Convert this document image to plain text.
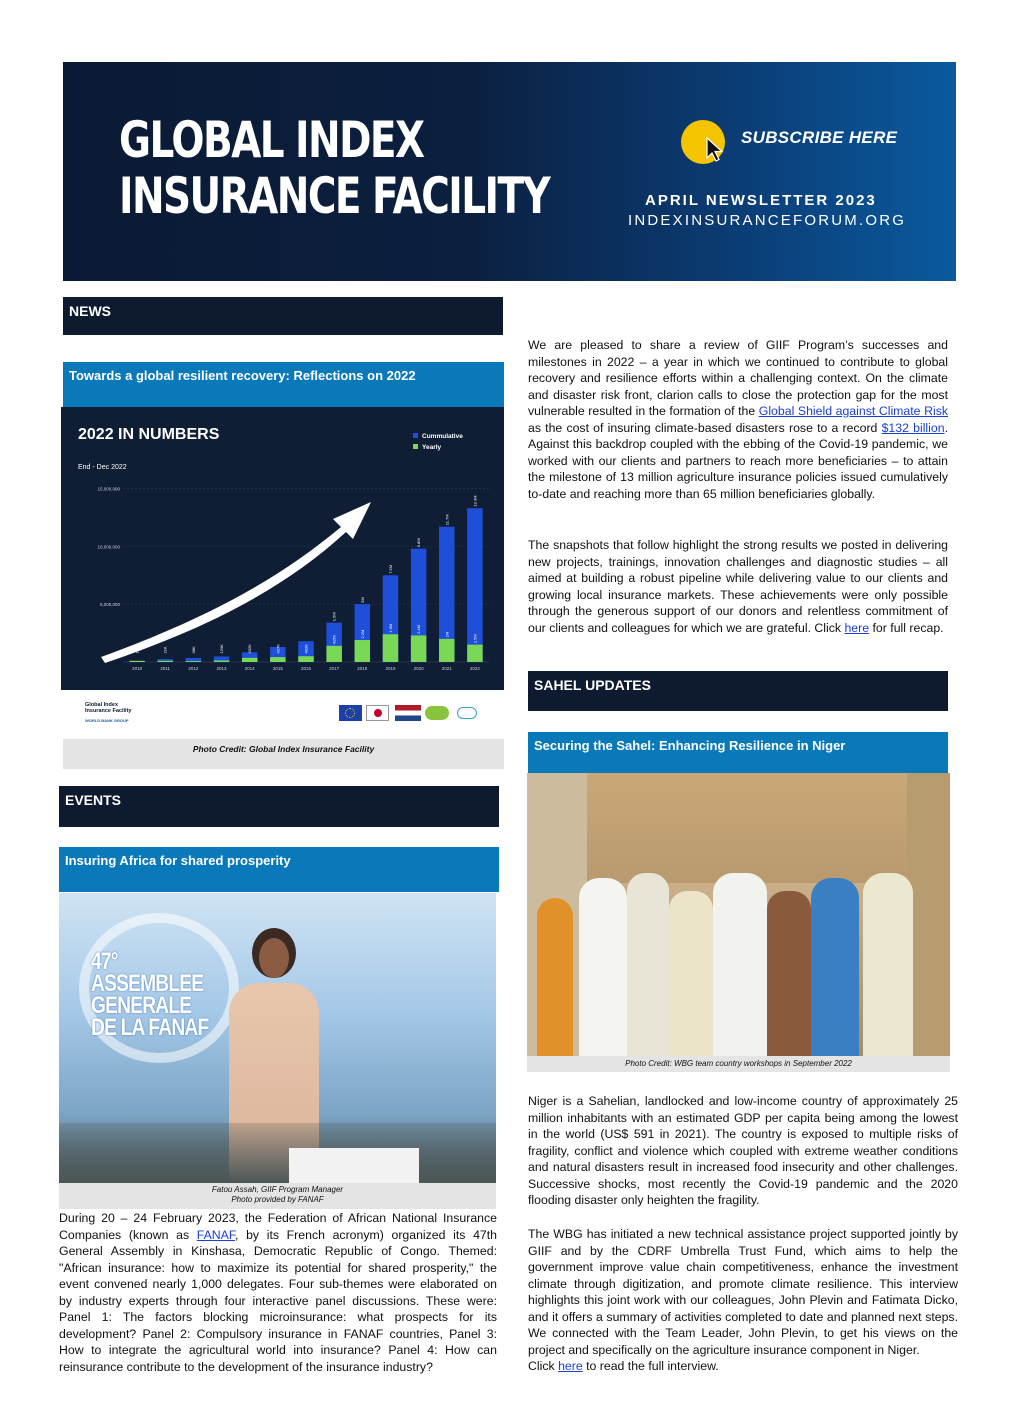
GLOBAL INDEX
INSURANCE FACILITY
SUBSCRIBE HERE
APRIL NEWSLETTER 2023
INDEXINSURANCEFORUM.ORG
NEWS
Towards a global resilient recovery: Reflections on 2022
2022 IN NUMBERS
End - Dec 2022
Cummulative
Yearly
5,000,000
10,000,000
15,000,000
1M	21K	38K	120K	432K	427K	402K
1.5M
415K
5M
2.2M
7.5M
1.6M
9.8M
2.4M
11.7M
2M
13.3M
1.5M
2010	2011	2012	2013	2014	2015	2016	2017	2018	2019	2020	2021	2022
Global Index
Insurance Facility
WORLD BANK GROUP
Photo Credit: Global Index Insurance Facility
We are pleased to share a review of GIIF Program’s successes and milestones in 2022 – a year in which we continued to contribute to global recovery and resilience efforts within a challenging context. On the climate and disaster risk front, clarion calls to close the protection gap for the most vulnerable resulted in the formation of the Global Shield against Climate Risk as the cost of insuring climate-based disasters rose to a record $132 billion. Against this backdrop coupled with the ebbing of the Covid-19 pandemic, we worked with our clients and partners to reach more beneficiaries – to attain the milestone of 13 million agriculture insurance policies issued cumulatively to-date and reaching more than 65 million beneficiaries globally.
The snapshots that follow highlight the strong results we posted in delivering new projects, trainings, innovation challenges and diagnostic studies – all aimed at building a robust pipeline while delivering value to our clients and growing local insurance markets. These achievements were only possible through the generous support of our donors and relentless commitment of our clients and colleagues for which we are grateful. Click here for full recap.
EVENTS
Insuring Africa for shared prosperity
47°
ASSEMBLEE
GENERALE
DE LA FANAF
Fatou Assah, GIIF Program Manager
Photo provided by FANAF
During 20 – 24 February 2023, the Federation of African National Insurance Companies (known as FANAF, by its French acronym) organized its 47th General Assembly in Kinshasa, Democratic Republic of Congo. Themed: "African insurance: how to maximize its potential for shared prosperity," the event convened nearly 1,000 delegates. Four sub-themes were elaborated on by industry experts through four interactive panel discussions. These were: Panel 1: The factors blocking microinsurance: what prospects for its development? Panel 2: Compulsory insurance in FANAF countries, Panel 3: How to integrate the agricultural world into insurance? Panel 4: How can reinsurance contribute to the development of the insurance industry?
SAHEL UPDATES
Securing the Sahel: Enhancing Resilience in Niger
Photo Credit: WBG team country workshops in September 2022
Niger is a Sahelian, landlocked and low-income country of approximately 25 million inhabitants with an estimated GDP per capita being among the lowest in the world (US$ 591 in 2021). The country is exposed to multiple risks of fragility, conflict and violence which coupled with extreme weather conditions and natural disasters result in increased food insecurity and other challenges. Successive shocks, most recently the Covid-19 pandemic and the 2020 flooding disaster only heighten the fragility.
The WBG has initiated a new technical assistance project supported jointly by GIIF and by the CDRF Umbrella Trust Fund, which aims to help the government improve value chain competitiveness, enhance the investment climate through digitization, and promote climate resilience. This interview highlights this joint work with our colleagues, John Plevin and Fatimata Dicko, and it offers a summary of activities completed to date and planned next steps. We connected with the Team Leader, John Plevin, to get his views on the project and specifically on the agriculture insurance component in Niger.
Click here to read the full interview.
